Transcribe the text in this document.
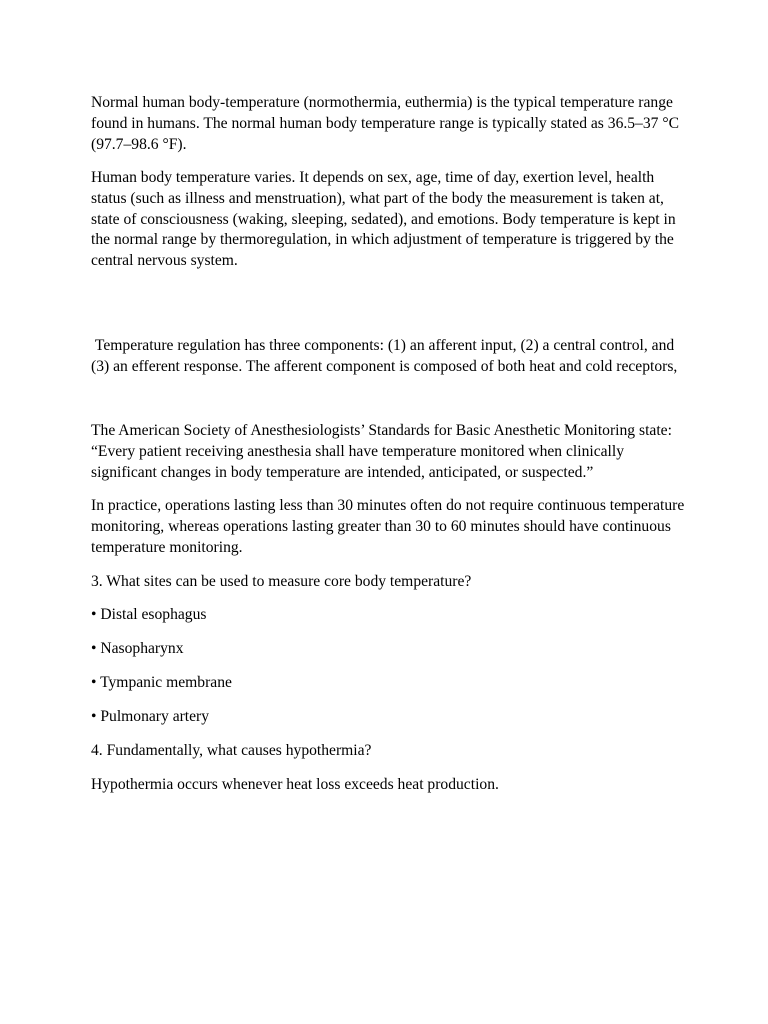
Normal human body-temperature (normothermia, euthermia) is the typical temperature range found in humans. The normal human body temperature range is typically stated as 36.5–37 °C (97.7–98.6 °F).

Human body temperature varies. It depends on sex, age, time of day, exertion level, health status (such as illness and menstruation), what part of the body the measurement is taken at, state of consciousness (waking, sleeping, sedated), and emotions. Body temperature is kept in the normal range by thermoregulation, in which adjustment of temperature is triggered by the central nervous system.

Temperature regulation has three components: (1) an afferent input, (2) a central control, and (3) an efferent response. The afferent component is composed of both heat and cold receptors,

The American Society of Anesthesiologists’ Standards for Basic Anesthetic Monitoring state: “Every patient receiving anesthesia shall have temperature monitored when clinically significant changes in body temperature are intended, anticipated, or suspected.”

In practice, operations lasting less than 30 minutes often do not require continuous temperature monitoring, whereas operations lasting greater than 30 to 60 minutes should have continuous temperature monitoring.

3. What sites can be used to measure core body temperature?

• Distal esophagus

• Nasopharynx

• Tympanic membrane

• Pulmonary artery

4. Fundamentally, what causes hypothermia?

Hypothermia occurs whenever heat loss exceeds heat production.
